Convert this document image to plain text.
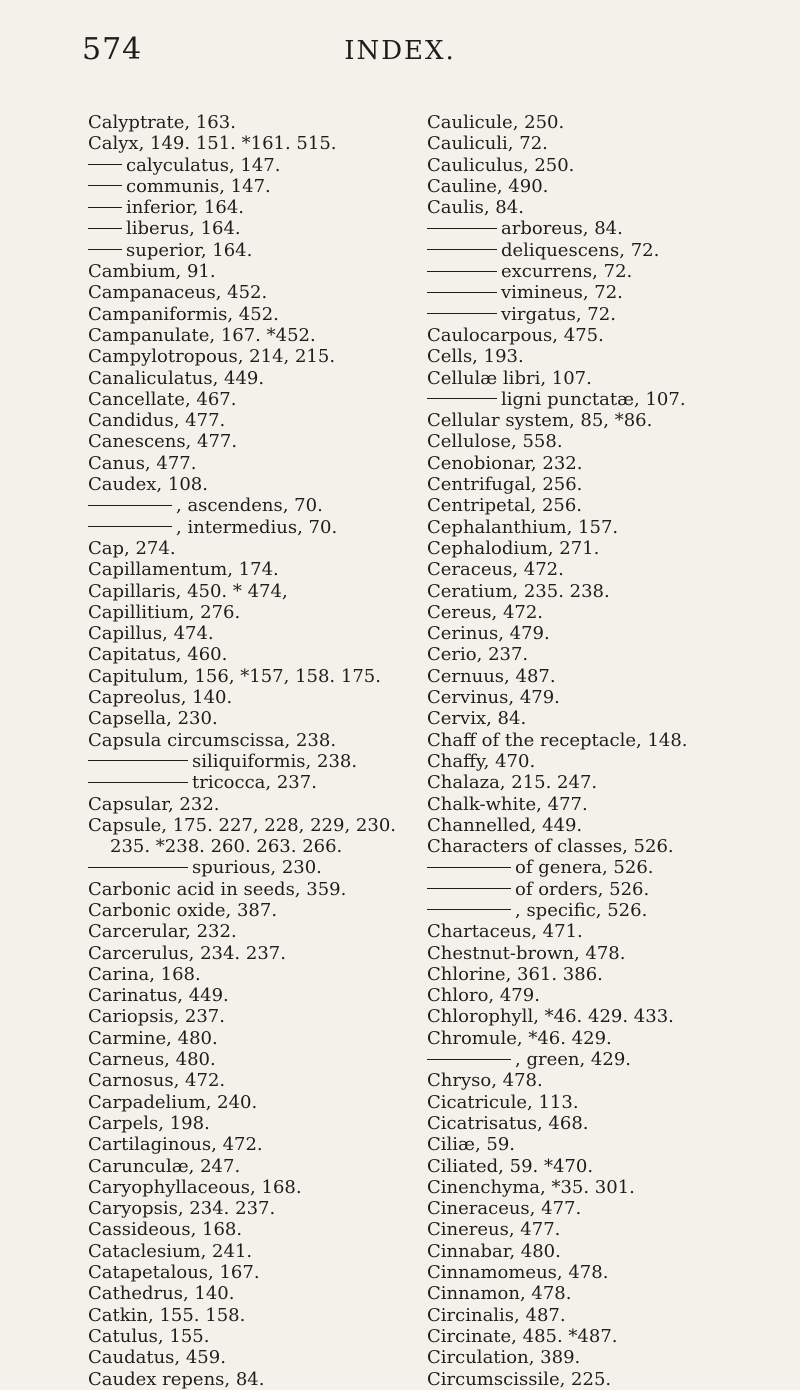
574	INDEX.
Calyptrate, 163.
Calyx, 149. 151. *161. 515.
calyculatus, 147.
communis, 147.
inferior, 164.
liberus, 164.
superior, 164.
Cambium, 91.
Campanaceus, 452.
Campaniformis, 452.
Campanulate, 167. *452.
Campylotropous, 214, 215.
Canaliculatus, 449.
Cancellate, 467.
Candidus, 477.
Canescens, 477.
Canus, 477.
Caudex, 108.
, ascendens, 70.
, intermedius, 70.
Cap, 274.
Capillamentum, 174.
Capillaris, 450. * 474,
Capillitium, 276.
Capillus, 474.
Capitatus, 460.
Capitulum, 156, *157, 158. 175.
Capreolus, 140.
Capsella, 230.
Capsula circumscissa, 238.
siliquiformis, 238.
tricocca, 237.
Capsular, 232.
Capsule, 175. 227, 228, 229, 230.
235. *238. 260. 263. 266.
spurious, 230.
Carbonic acid in seeds, 359.
Carbonic oxide, 387.
Carcerular, 232.
Carcerulus, 234. 237.
Carina, 168.
Carinatus, 449.
Cariopsis, 237.
Carmine, 480.
Carneus, 480.
Carnosus, 472.
Carpadelium, 240.
Carpels, 198.
Cartilaginous, 472.
Carunculæ, 247.
Caryophyllaceous, 168.
Caryopsis, 234. 237.
Cassideous, 168.
Cataclesium, 241.
Catapetalous, 167.
Cathedrus, 140.
Catkin, 155. 158.
Catulus, 155.
Caudatus, 459.
Caudex repens, 84.
Caulicule, 250.
Cauliculi, 72.
Cauliculus, 250.
Cauline, 490.
Caulis, 84.
arboreus, 84.
deliquescens, 72.
excurrens, 72.
vimineus, 72.
virgatus, 72.
Caulocarpous, 475.
Cells, 193.
Cellulæ libri, 107.
ligni punctatæ, 107.
Cellular system, 85, *86.
Cellulose, 558.
Cenobionar, 232.
Centrifugal, 256.
Centripetal, 256.
Cephalanthium, 157.
Cephalodium, 271.
Ceraceus, 472.
Ceratium, 235. 238.
Cereus, 472.
Cerinus, 479.
Cerio, 237.
Cernuus, 487.
Cervinus, 479.
Cervix, 84.
Chaff of the receptacle, 148.
Chaffy, 470.
Chalaza, 215. 247.
Chalk-white, 477.
Channelled, 449.
Characters of classes, 526.
of genera, 526.
of orders, 526.
, specific, 526.
Chartaceus, 471.
Chestnut-brown, 478.
Chlorine, 361. 386.
Chloro, 479.
Chlorophyll, *46. 429. 433.
Chromule, *46. 429.
, green, 429.
Chryso, 478.
Cicatricule, 113.
Cicatrisatus, 468.
Ciliæ, 59.
Ciliated, 59. *470.
Cinenchyma, *35. 301.
Cineraceus, 477.
Cinereus, 477.
Cinnabar, 480.
Cinnamomeus, 478.
Cinnamon, 478.
Circinalis, 487.
Circinate, 485. *487.
Circulation, 389.
Circumscissile, 225.
